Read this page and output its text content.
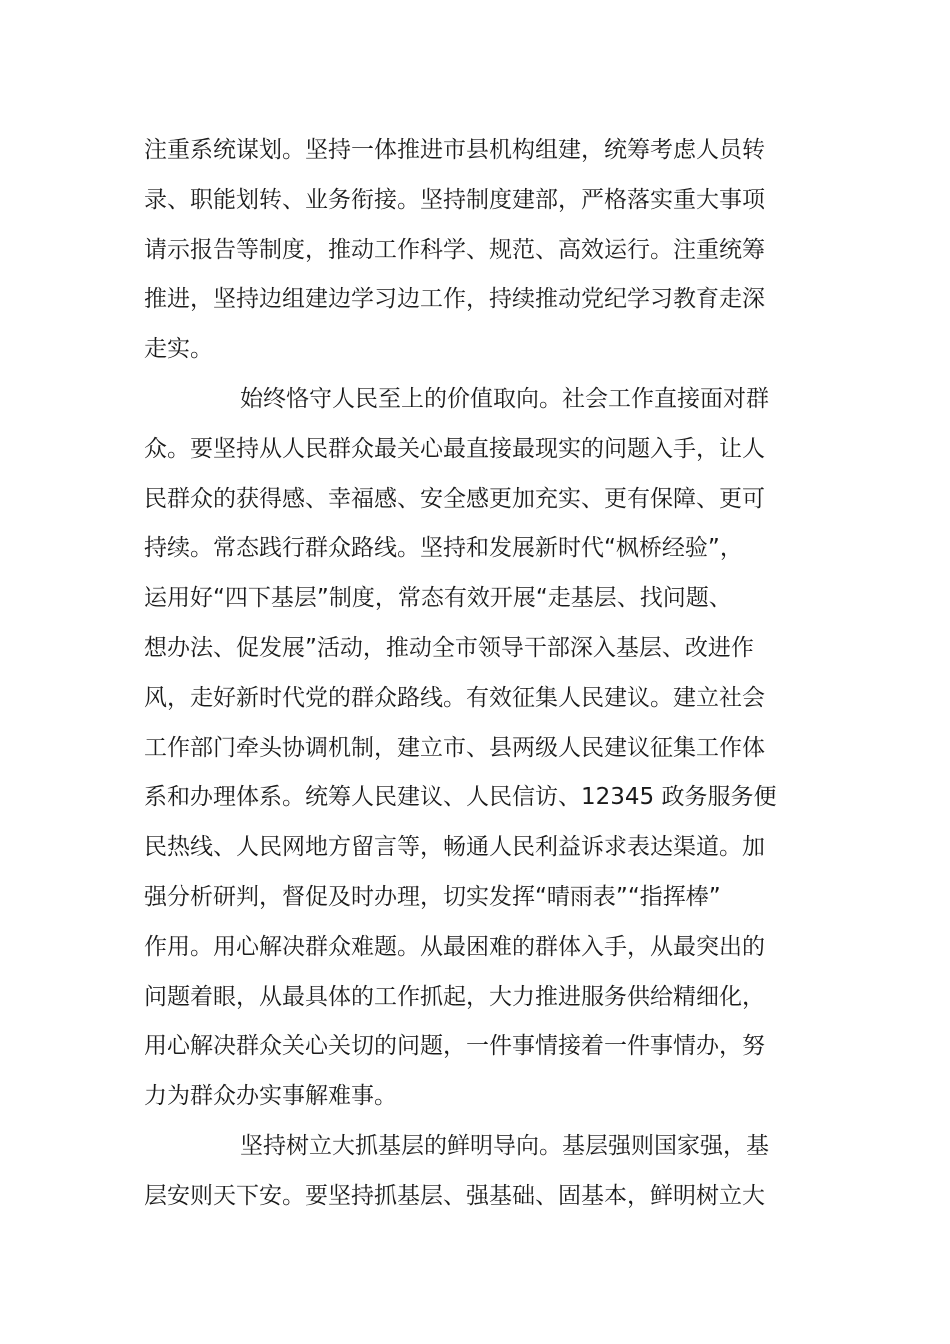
注重系统谋划。坚持一体推进市县机构组建，统筹考虑人员转
录、职能划转、业务衔接。坚持制度建部，严格落实重大事项
请示报告等制度，推动工作科学、规范、高效运行。注重统筹
推进，坚持边组建边学习边工作，持续推动党纪学习教育走深
走实。
始终恪守人民至上的价值取向。社会工作直接面对群
众。要坚持从人民群众最关心最直接最现实的问题入手，让人
民群众的获得感、幸福感、安全感更加充实、更有保障、更可
持续。常态践行群众路线。坚持和发展新时代“枫桥经验”，
运用好“四下基层”制度，常态有效开展“走基层、找问题、
想办法、促发展”活动，推动全市领导干部深入基层、改进作
风，走好新时代党的群众路线。有效征集人民建议。建立社会
工作部门牵头协调机制，建立市、县两级人民建议征集工作体
系和办理体系。统筹人民建议、人民信访、12345 政务服务便
民热线、人民网地方留言等，畅通人民利益诉求表达渠道。加
强分析研判，督促及时办理，切实发挥“晴雨表”“指挥棒”
作用。用心解决群众难题。从最困难的群体入手，从最突出的
问题着眼，从最具体的工作抓起，大力推进服务供给精细化，
用心解决群众关心关切的问题，一件事情接着一件事情办，努
力为群众办实事解难事。
坚持树立大抓基层的鲜明导向。基层强则国家强，基
层安则天下安。要坚持抓基层、强基础、固基本，鲜明树立大
